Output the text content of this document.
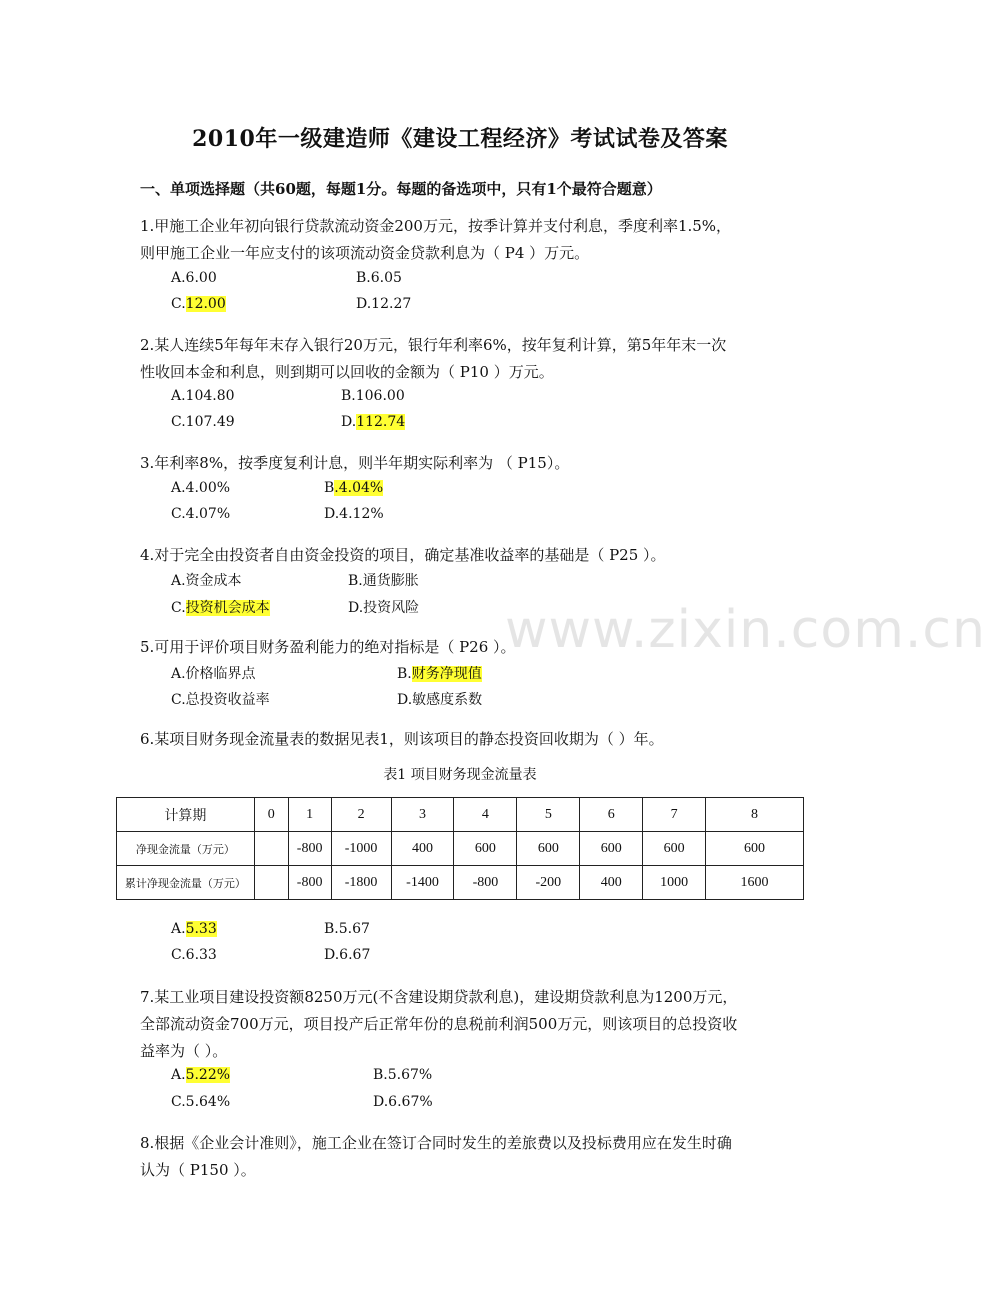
www.zixin.com.cn
2010年一级建造师《建设工程经济》考试试卷及答案
一、单项选择题（共60题，每题1分。每题的备选项中，只有1个最符合题意）
1.甲施工企业年初向银行贷款流动资金200万元，按季计算并支付利息，季度利率1.5%，
则甲施工企业一年应支付的该项流动资金贷款利息为（ P4 ）万元。
A.6.00	B.6.05
C.12.00	D.12.27
2.某人连续5年每年末存入银行20万元，银行年利率6%，按年复利计算，第5年年末一次
性收回本金和利息，则到期可以回收的金额为（ P10 ）万元。
A.104.80	B.106.00
C.107.49	D.112.74
3.年利率8%，按季度复利计息，则半年期实际利率为 （ P15）。
A.4.00%	B.4.04%
C.4.07%	D.4.12%
4.对于完全由投资者自由资金投资的项目，确定基准收益率的基础是（ P25 ）。
A.资金成本	B.通货膨胀
C.投资机会成本	D.投资风险
5.可用于评价项目财务盈利能力的绝对指标是（ P26 ）。
A.价格临界点	B.财务净现值
C.总投资收益率	D.敏感度系数
6.某项目财务现金流量表的数据见表1，则该项目的静态投资回收期为（ ）年。
表1 项目财务现金流量表
计算期	0	1	2	3	4	5	6	7	8
净现金流量（万元）		-800	-1000	400	600	600	600	600	600
累计净现金流量（万元）		-800	-1800	-1400	-800	-200	400	1000	1600
A.5.33	B.5.67
C.6.33	D.6.67
7.某工业项目建设投资额8250万元(不含建设期贷款利息)，建设期贷款利息为1200万元，
全部流动资金700万元，项目投产后正常年份的息税前利润500万元，则该项目的总投资收
益率为（ ）。
A.5.22%	B.5.67%
C.5.64%	D.6.67%
8.根据《企业会计准则》，施工企业在签订合同时发生的差旅费以及投标费用应在发生时确
认为（ P150 ）。
